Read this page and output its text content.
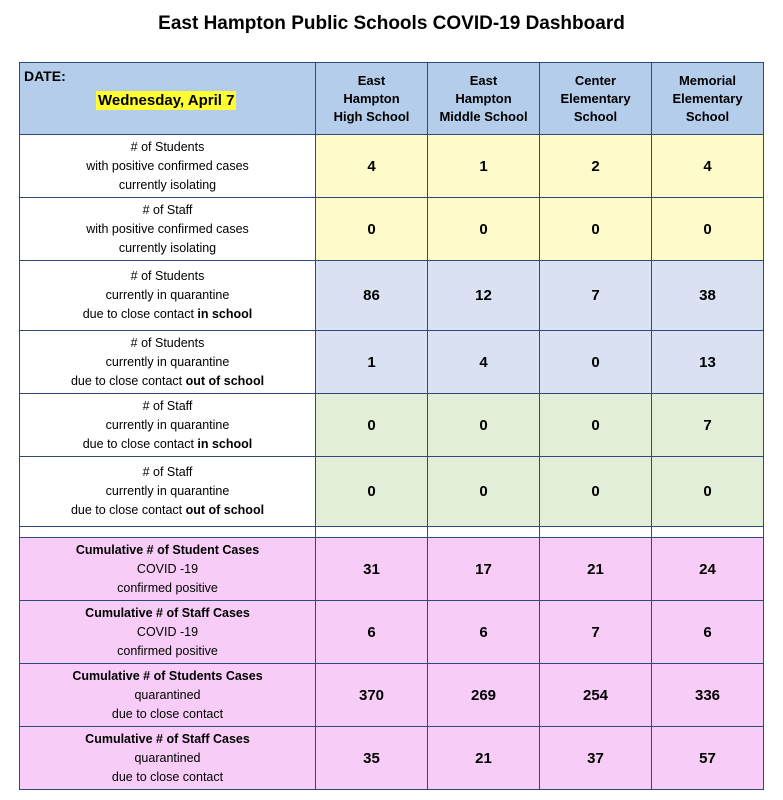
East Hampton Public Schools COVID-19 Dashboard
DATE:
Wednesday, April 7	East
Hampton
High School	East
Hampton
Middle School	Center
Elementary
School	Memorial
Elementary
School
# of Students
with positive confirmed cases
currently isolating	4	1	2	4
# of Staff
with positive confirmed cases
currently isolating	0	0	0	0
# of Students
currently in quarantine
due to close contact in school	86	12	7	38
# of Students
currently in quarantine
due to close contact out of school	1	4	0	13
# of Staff
currently in quarantine
due to close contact in school	0	0	0	7
# of Staff
currently in quarantine
due to close contact out of school	0	0	0	0

Cumulative # of Student Cases
COVID -19
confirmed positive	31	17	21	24
Cumulative # of Staff Cases
COVID -19
confirmed positive	6	6	7	6
Cumulative # of Students Cases
quarantined
due to close contact	370	269	254	336
Cumulative # of Staff Cases
quarantined
due to close contact	35	21	37	57
